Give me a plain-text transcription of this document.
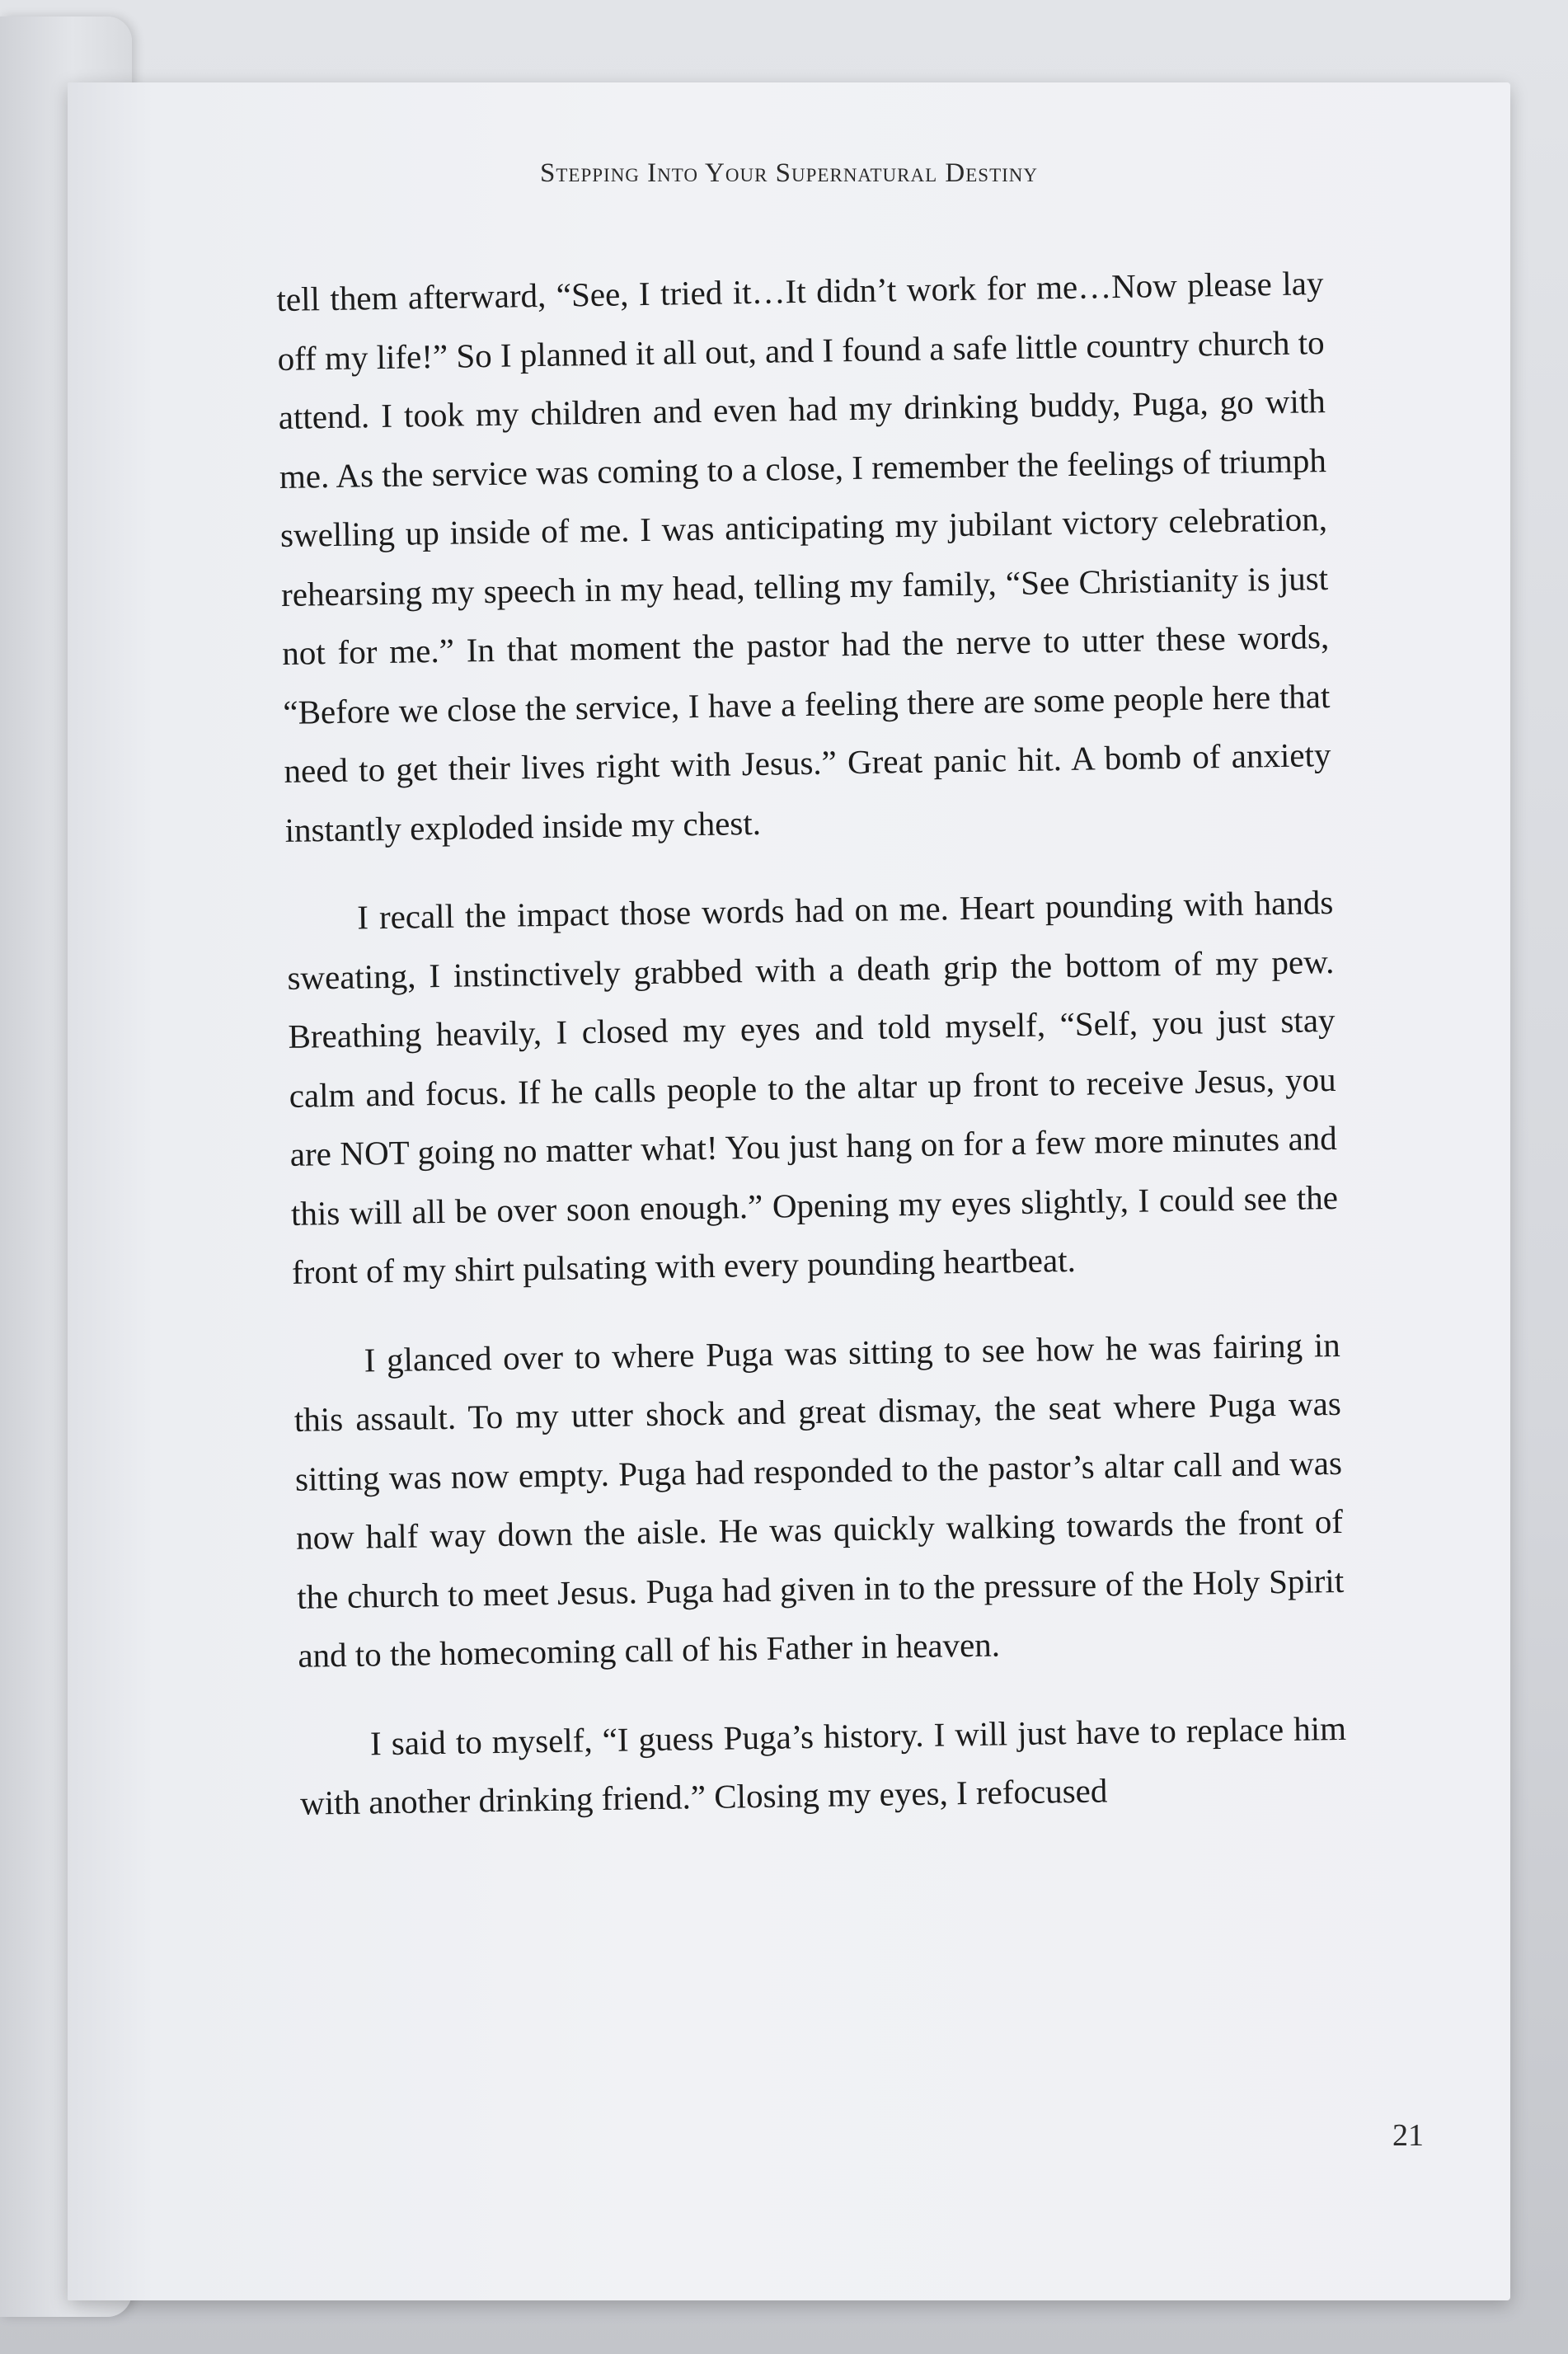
Stepping Into Your Supernatural Destiny

tell them afterward, “See, I tried it…It didn’t work for me…Now please lay off my life!” So I planned it all out, and I found a safe little country church to attend. I took my children and even had my drinking buddy, Puga, go with me. As the service was coming to a close, I remember the feelings of triumph swelling up inside of me. I was anticipating my jubilant victory celebration, rehearsing my speech in my head, telling my family, “See Christianity is just not for me.” In that moment the pastor had the nerve to utter these words, “Before we close the service, I have a feeling there are some people here that need to get their lives right with Jesus.” Great panic hit. A bomb of anxiety instantly exploded inside my chest.

I recall the impact those words had on me. Heart pounding with hands sweating, I instinctively grabbed with a death grip the bottom of my pew. Breathing heavily, I closed my eyes and told myself, “Self, you just stay calm and focus. If he calls people to the altar up front to receive Jesus, you are NOT going no matter what! You just hang on for a few more minutes and this will all be over soon enough.” Opening my eyes slightly, I could see the front of my shirt pulsating with every pounding heartbeat.

I glanced over to where Puga was sitting to see how he was fairing in this assault. To my utter shock and great dismay, the seat where Puga was sitting was now empty. Puga had responded to the pastor’s altar call and was now half way down the aisle. He was quickly walking towards the front of the church to meet Jesus. Puga had given in to the pressure of the Holy Spirit and to the homecoming call of his Father in heaven.

I said to myself, “I guess Puga’s history. I will just have to replace him with another drinking friend.” Closing my eyes, I refocused

21
